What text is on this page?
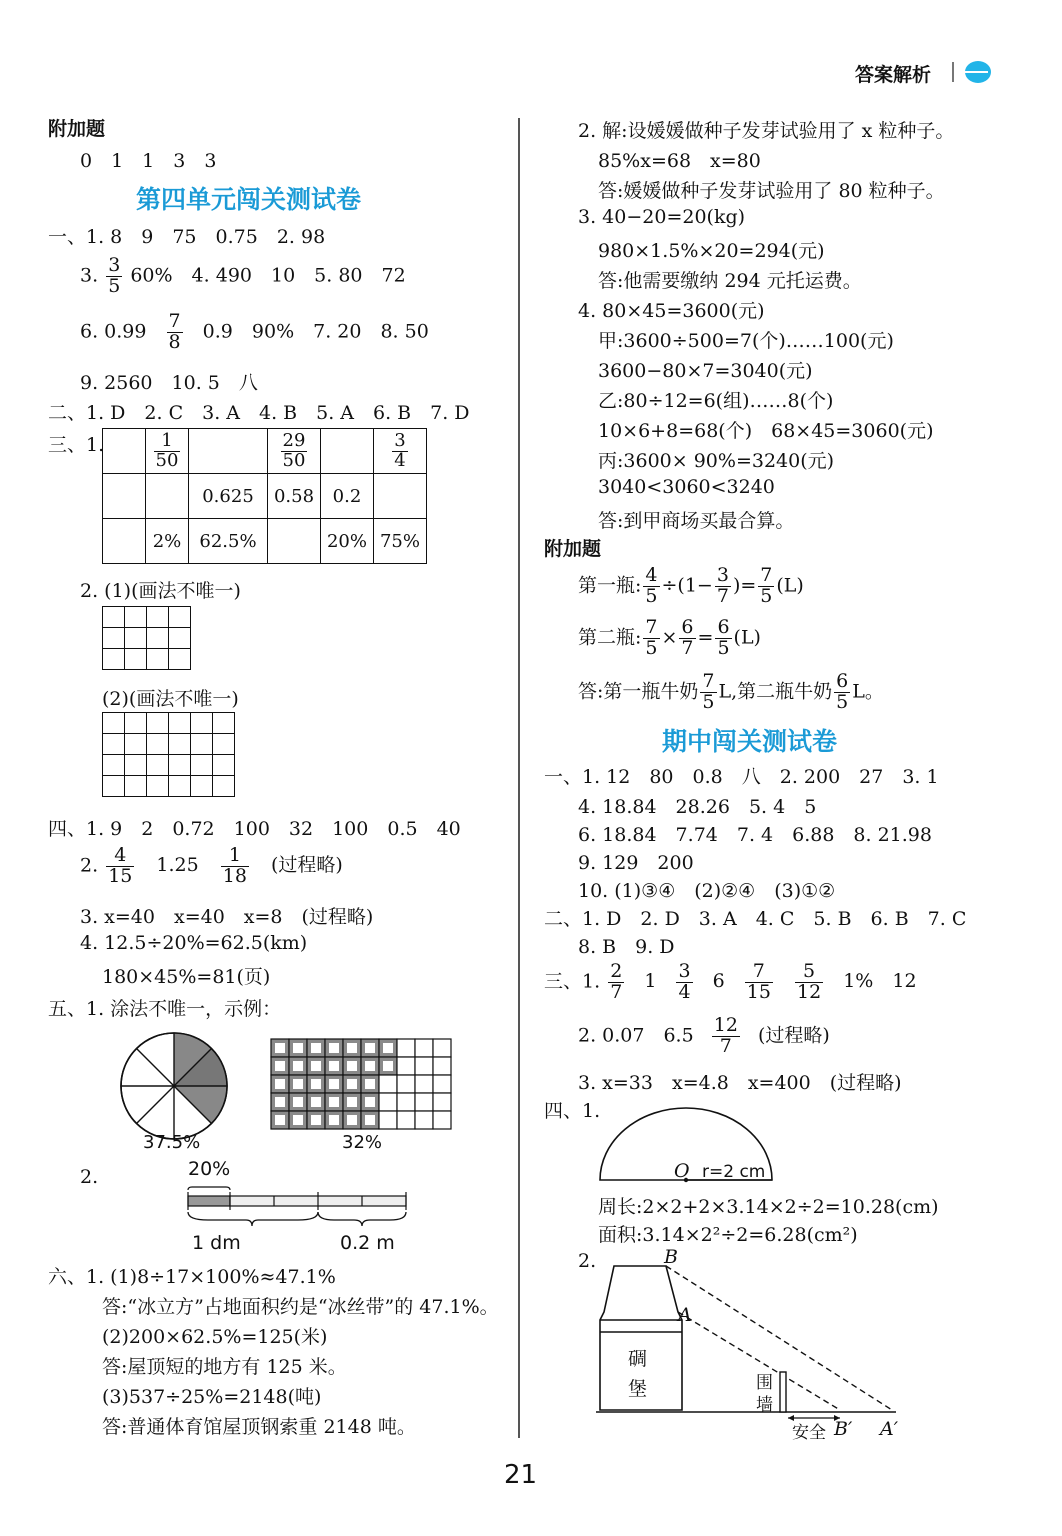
答案解析
附加题
0　1　1　3　3
第四单元闯关测试卷
一、1. 8　9　75　0.75　2. 98
3. $\frac{3}{5} 60\%$　4. 490　10　5. 80　72
6. $0.99 \frac{7}{8} 0.9$　90%　7. 20　8. 50
9. 2560　10. 5　八
二、1. D　2. C　3. A　4. B　5. A　6. B　7. D
三、1.

	$\frac{1}{50}$		$\frac{29}{50}$		$\frac{3}{4}$

		0.625	0.58	0.2	
	2%	62.5%		20%	75%
2. (1)(画法不唯一)

(2)(画法不唯一)

四、1. 9　2　0.72　100　32　100　0.5　40
2. $\frac{4}{15} 1.25 \frac{1}{18}$ (过程略)
3. x=40　x=40　x=8　(过程略)
4. 12.5÷20%=62.5(km)
180×45%=81(页)
五、1. 涂法不唯一，示例：
37.5%	32%
2.	20%
1 dm	0.2 m
六、1. (1)8÷17×100%≈47.1%
答:“冰立方”占地面积约是“冰丝带”的 47.1%。
(2)200×62.5%=125(米)
答:屋顶短的地方有 125 米。
(3)537÷25%=2148(吨)
答:普通体育馆屋顶钢索重 2148 吨。
2. 解:设媛媛做种子发芽试验用了 x 粒种子。
85%x=68　x=80
答:媛媛做种子发芽试验用了 80 粒种子。
3. 40−20=20(kg)
980×1.5%×20=294(元)
答:他需要缴纳 294 元托运费。
4. 80×45=3600(元)
甲:3600÷500=7(个)……100(元)
3600−80×7=3040(元)
乙:80÷12=6(组)……8(个)
10×6+8=68(个)　68×45=3060(元)
丙:3600× 90%=3240(元)
3040<3060<3240
答:到甲商场买最合算。
附加题
第一瓶: $\frac{4}{5} \div(1- \frac{3}{7}$ )= $\frac{7}{5} (L)$
第二瓶: $\frac{7}{5} \times \frac{6}{7} = \frac{6}{5} (L)$
答:第一瓶牛奶 $\frac{7}{5} L$,第二瓶牛奶 $\frac{6}{5}$ L。
期中闯关测试卷
一、1. 12　80　0.8　八　2. 200　27　3. 1
4. 18.84　28.26　5. 4　5
6. 18.84　7.74　7. 4　6.88　8. 21.98
9. 129　200
10. (1)③④　(2)②④　(3)①②
二、1. D　2. D　3. A　4. C　5. B　6. B　7. C
8. B　9. D
三、1. $\frac{2}{7} 1 \frac{3}{4} 6 \frac{7}{15}$
$\frac{5}{12} 1\%$　12
2. 0.07　$6.5 \frac{12}{7}$ (过程略)
3. x=33　x=4.8　x=400　(过程略)
四、1.
O r=2 cm
周长:2×2+2×3.14×2÷2=10.28(cm)
面积:3.14×2²÷2=6.28(cm²)
2.
碉
堡	围
墙
安全
B
A
B′ A′
21
